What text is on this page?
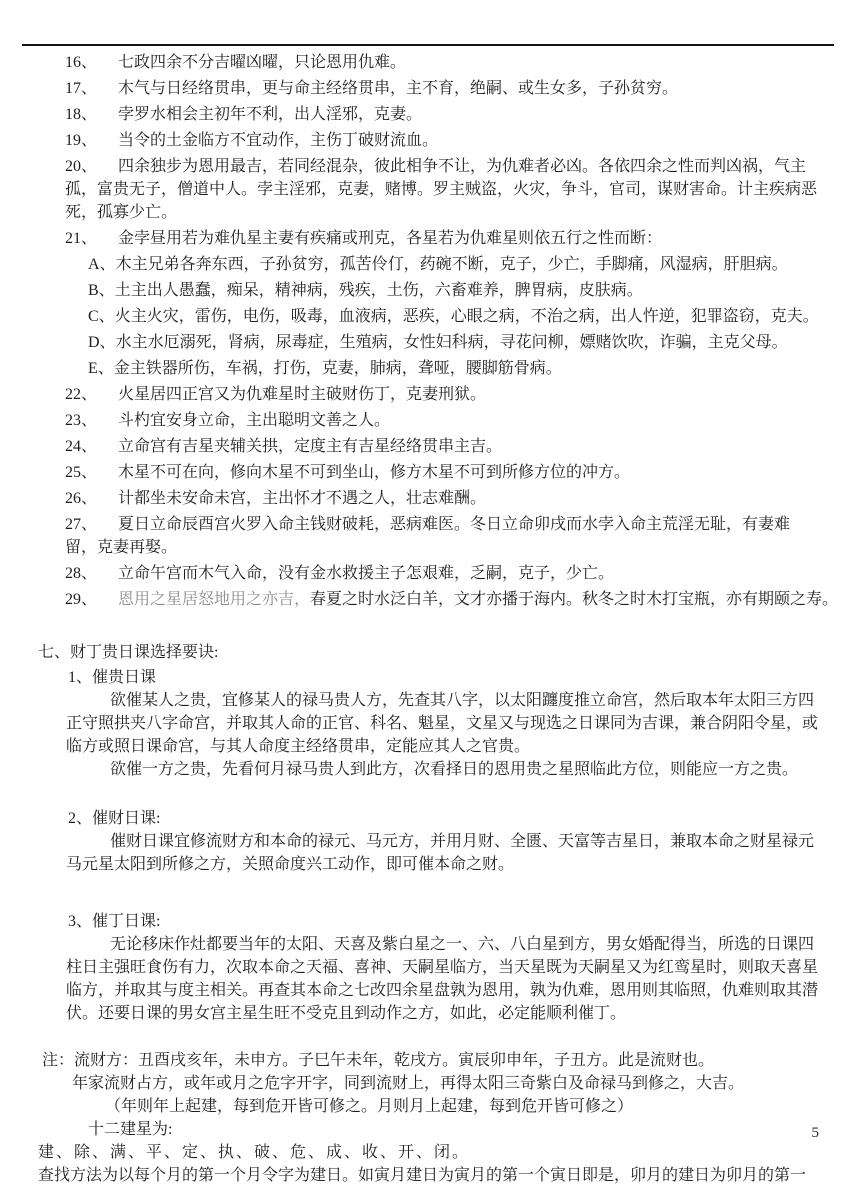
16、 七政四余不分吉曜凶曜，只论恩用仇难。
17、 木气与日经络贯串，更与命主经络贯串，主不育，绝嗣、或生女多，子孙贫穷。
18、 孛罗水相会主初年不利，出人淫邪，克妻。
19、 当令的土金临方不宜动作，主伤丁破财流血。
20、 四余独步为恩用最吉，若同经混杂，彼此相争不让，为仇难者必凶。各依四余之性而判凶祸，气主孤，富贵无子，僧道中人。孛主淫邪，克妻，赌博。罗主贼盗，火灾，争斗，官司，谋财害命。计主疾病恶死，孤寡少亡。
21、 金孛昼用若为难仇星主妻有疾痛或刑克，各星若为仇难星则依五行之性而断：
A、木主兄弟各奔东西，子孙贫穷，孤苦伶仃，药碗不断，克子，少亡，手脚痛，风湿病，肝胆病。
B、土主出人愚蠢，痴呆，精神病，残疾，土伤，六畜难养，脾胃病，皮肤病。
C、火主火灾，雷伤，电伤，吸毒，血液病，恶疾，心眼之病，不治之病，出人忤逆，犯罪盗窃，克夫。
D、水主水厄溺死，肾病，尿毒症，生殖病，女性妇科病，寻花问柳，嫖赌饮吹，诈骗，主克父母。
E、金主铁器所伤，车祸，打伤，克妻，肺病，聋哑，腰脚筋骨病。
22、 火星居四正宫又为仇难星时主破财伤丁，克妻刑狱。
23、 斗杓宜安身立命，主出聪明文善之人。
24、 立命宫有吉星夹辅关拱，定度主有吉星经络贯串主吉。
25、 木星不可在向，修向木星不可到坐山，修方木星不可到所修方位的冲方。
26、 计都坐未安命未宫，主出怀才不遇之人，壮志难酬。
27、 夏日立命辰酉宫火罗入命主钱财破耗，恶病难医。冬日立命卯戌而水孛入命主荒淫无耻，有妻难留，克妻再娶。
28、 立命午宫而木气入命，没有金水救援主子怎艰难，乏嗣，克子，少亡。
29、 恩用之星居怒地用之亦吉，春夏之时水泛白羊，文才亦播于海内。秋冬之时木打宝瓶，亦有期颐之寿。
七、财丁贵日课选择要诀:
1、催贵日课
欲催某人之贵，宜修某人的禄马贵人方，先查其八字，以太阳躔度推立命宫，然后取本年太阳三方四正守照拱夹八字命宫，并取其人命的正官、科名、魁星，文星又与现选之日课同为吉课，兼合阴阳令星，或临方或照日课命宫，与其人命度主经络贯串，定能应其人之官贵。
欲催一方之贵，先看何月禄马贵人到此方，次看择日的恩用贵之星照临此方位，则能应一方之贵。
2、催财日课:
催财日课宜修流财方和本命的禄元、马元方，并用月财、全匮、天富等吉星日，兼取本命之财星禄元马元星太阳到所修之方，关照命度兴工动作，即可催本命之财。
3、催丁日课:
无论移床作灶都要当年的太阳、天喜及紫白星之一、六、八白星到方，男女婚配得当，所选的日课四柱日主强旺食伤有力，次取本命之天福、喜神、天嗣星临方，当天星既为天嗣星又为红鸾星时，则取天喜星临方，并取其与度主相关。再查其本命之七改四余星盘孰为恩用，孰为仇难，恩用则其临照，仇难则取其潜伏。还要日课的男女宫主星生旺不受克且到动作之方，如此，必定能顺利催丁。
注：流财方：丑酉戌亥年，未申方。子巳午未年，乾戌方。寅辰卯申年，子丑方。此是流财也。
年家流财占方，或年或月之危字开字，同到流财上，再得太阳三奇紫白及命禄马到修之，大吉。
（年则年上起建，每到危开皆可修之。月则月上起建，每到危开皆可修之）
十二建星为:
建、除、满、平、定、执、破、危、成、收、开、闭。
查找方法为以每个月的第一个月令字为建日。如寅月建日为寅月的第一个寅日即是，卯月的建日为卯月的第一
5
